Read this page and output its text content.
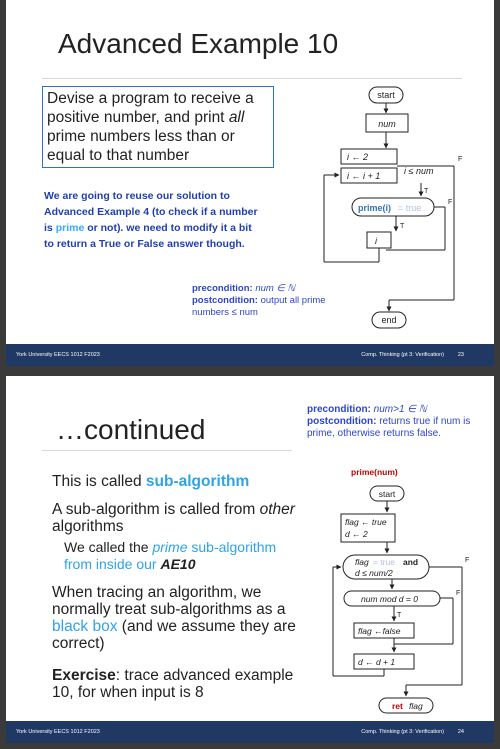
Advanced Example 10
Devise a program to receive a positive number, and print all prime numbers less than or equal to that number
We are going to reuse our solution to Advanced Example 4 (to check if a number is prime or not). we need to modify it a bit to return a True or False answer though.
precondition: num ∈ ℕ
postcondition: output all prime numbers ≤ num
start
num
i ← 2
i ← i + 1	i ≤ num
F
T
prime(i) = true
F
T
i
end
York University EECS 1012 F2023	Comp. Thinking (pt 3: Verification)	23
precondition: num>1 ∈ ℕ
postcondition: returns true if num is prime, otherwise returns false.
…continued
This is called sub-algorithm
A sub-algorithm is called from other algorithms
We called the prime sub-algorithm from inside our AE10
When tracing an algorithm, we normally treat sub-algorithms as a black box (and we assume they are correct)
Exercise: trace advanced example 10, for when input is 8
prime(num)
start
flag ← true
d ← 2
flag = true and
d ≤ num/2
F
num mod d = 0
F
T
flag ←false
d ← d + 1
ret flag
York University EECS 1012 F2023	Comp. Thinking (pt 3: Verification)	24
